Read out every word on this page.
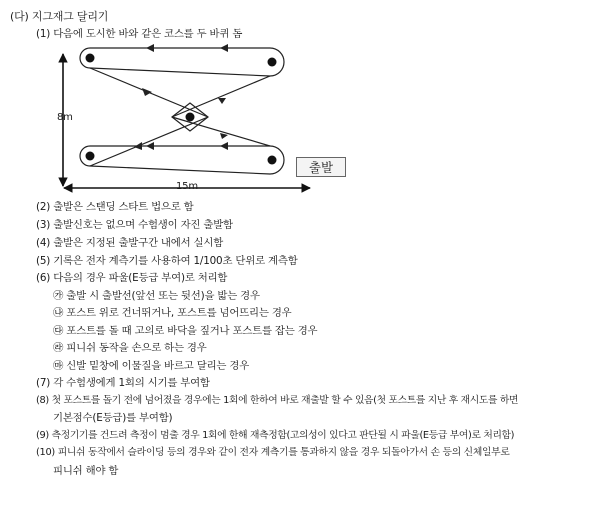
(다) 지그재그 달리기
(1) 다음에 도시한 바와 같은 코스를 두 바퀴 돔
8m
15m
출발
(2) 출발은 스탠딩 스타트 법으로 함
(3) 출발신호는 없으며 수험생이 자진 출발함
(4) 출발은 지정된 출발구간 내에서 실시함
(5) 기록은 전자 계측기를 사용하여 1/100초 단위로 계측함
(6) 다음의 경우 파울(E등급 부여)로 처리함
㉮ 출발 시 출발선(앞선 또는 뒷선)을 밟는 경우
㉯ 포스트 위로 건너뛰거나, 포스트를 넘어뜨리는 경우
㉰ 포스트를 돌 때 고의로 바닥을 짚거나 포스트를 잡는 경우
㉱ 피니쉬 동작을 손으로 하는 경우
㉲ 신발 밑창에 이물질을 바르고 달리는 경우
(7) 각 수험생에게 1회의 시기를 부여함
(8) 첫 포스트를 돌기 전에 넘어졌을 경우에는 1회에 한하여 바로 재출발 할 수 있음(첫 포스트를 지난 후 재시도를 하면
기본점수(E등급)를 부여함)
(9) 측정기기를 건드려 측정이 멈출 경우 1회에 한해 재측정함(고의성이 있다고 판단될 시 파울(E등급 부여)로 처리함)
(10) 피니쉬 동작에서 슬라이딩 등의 경우와 같이 전자 계측기를 통과하지 않을 경우 되돌아가서 손 등의 신체일부로
피니쉬 해야 함
